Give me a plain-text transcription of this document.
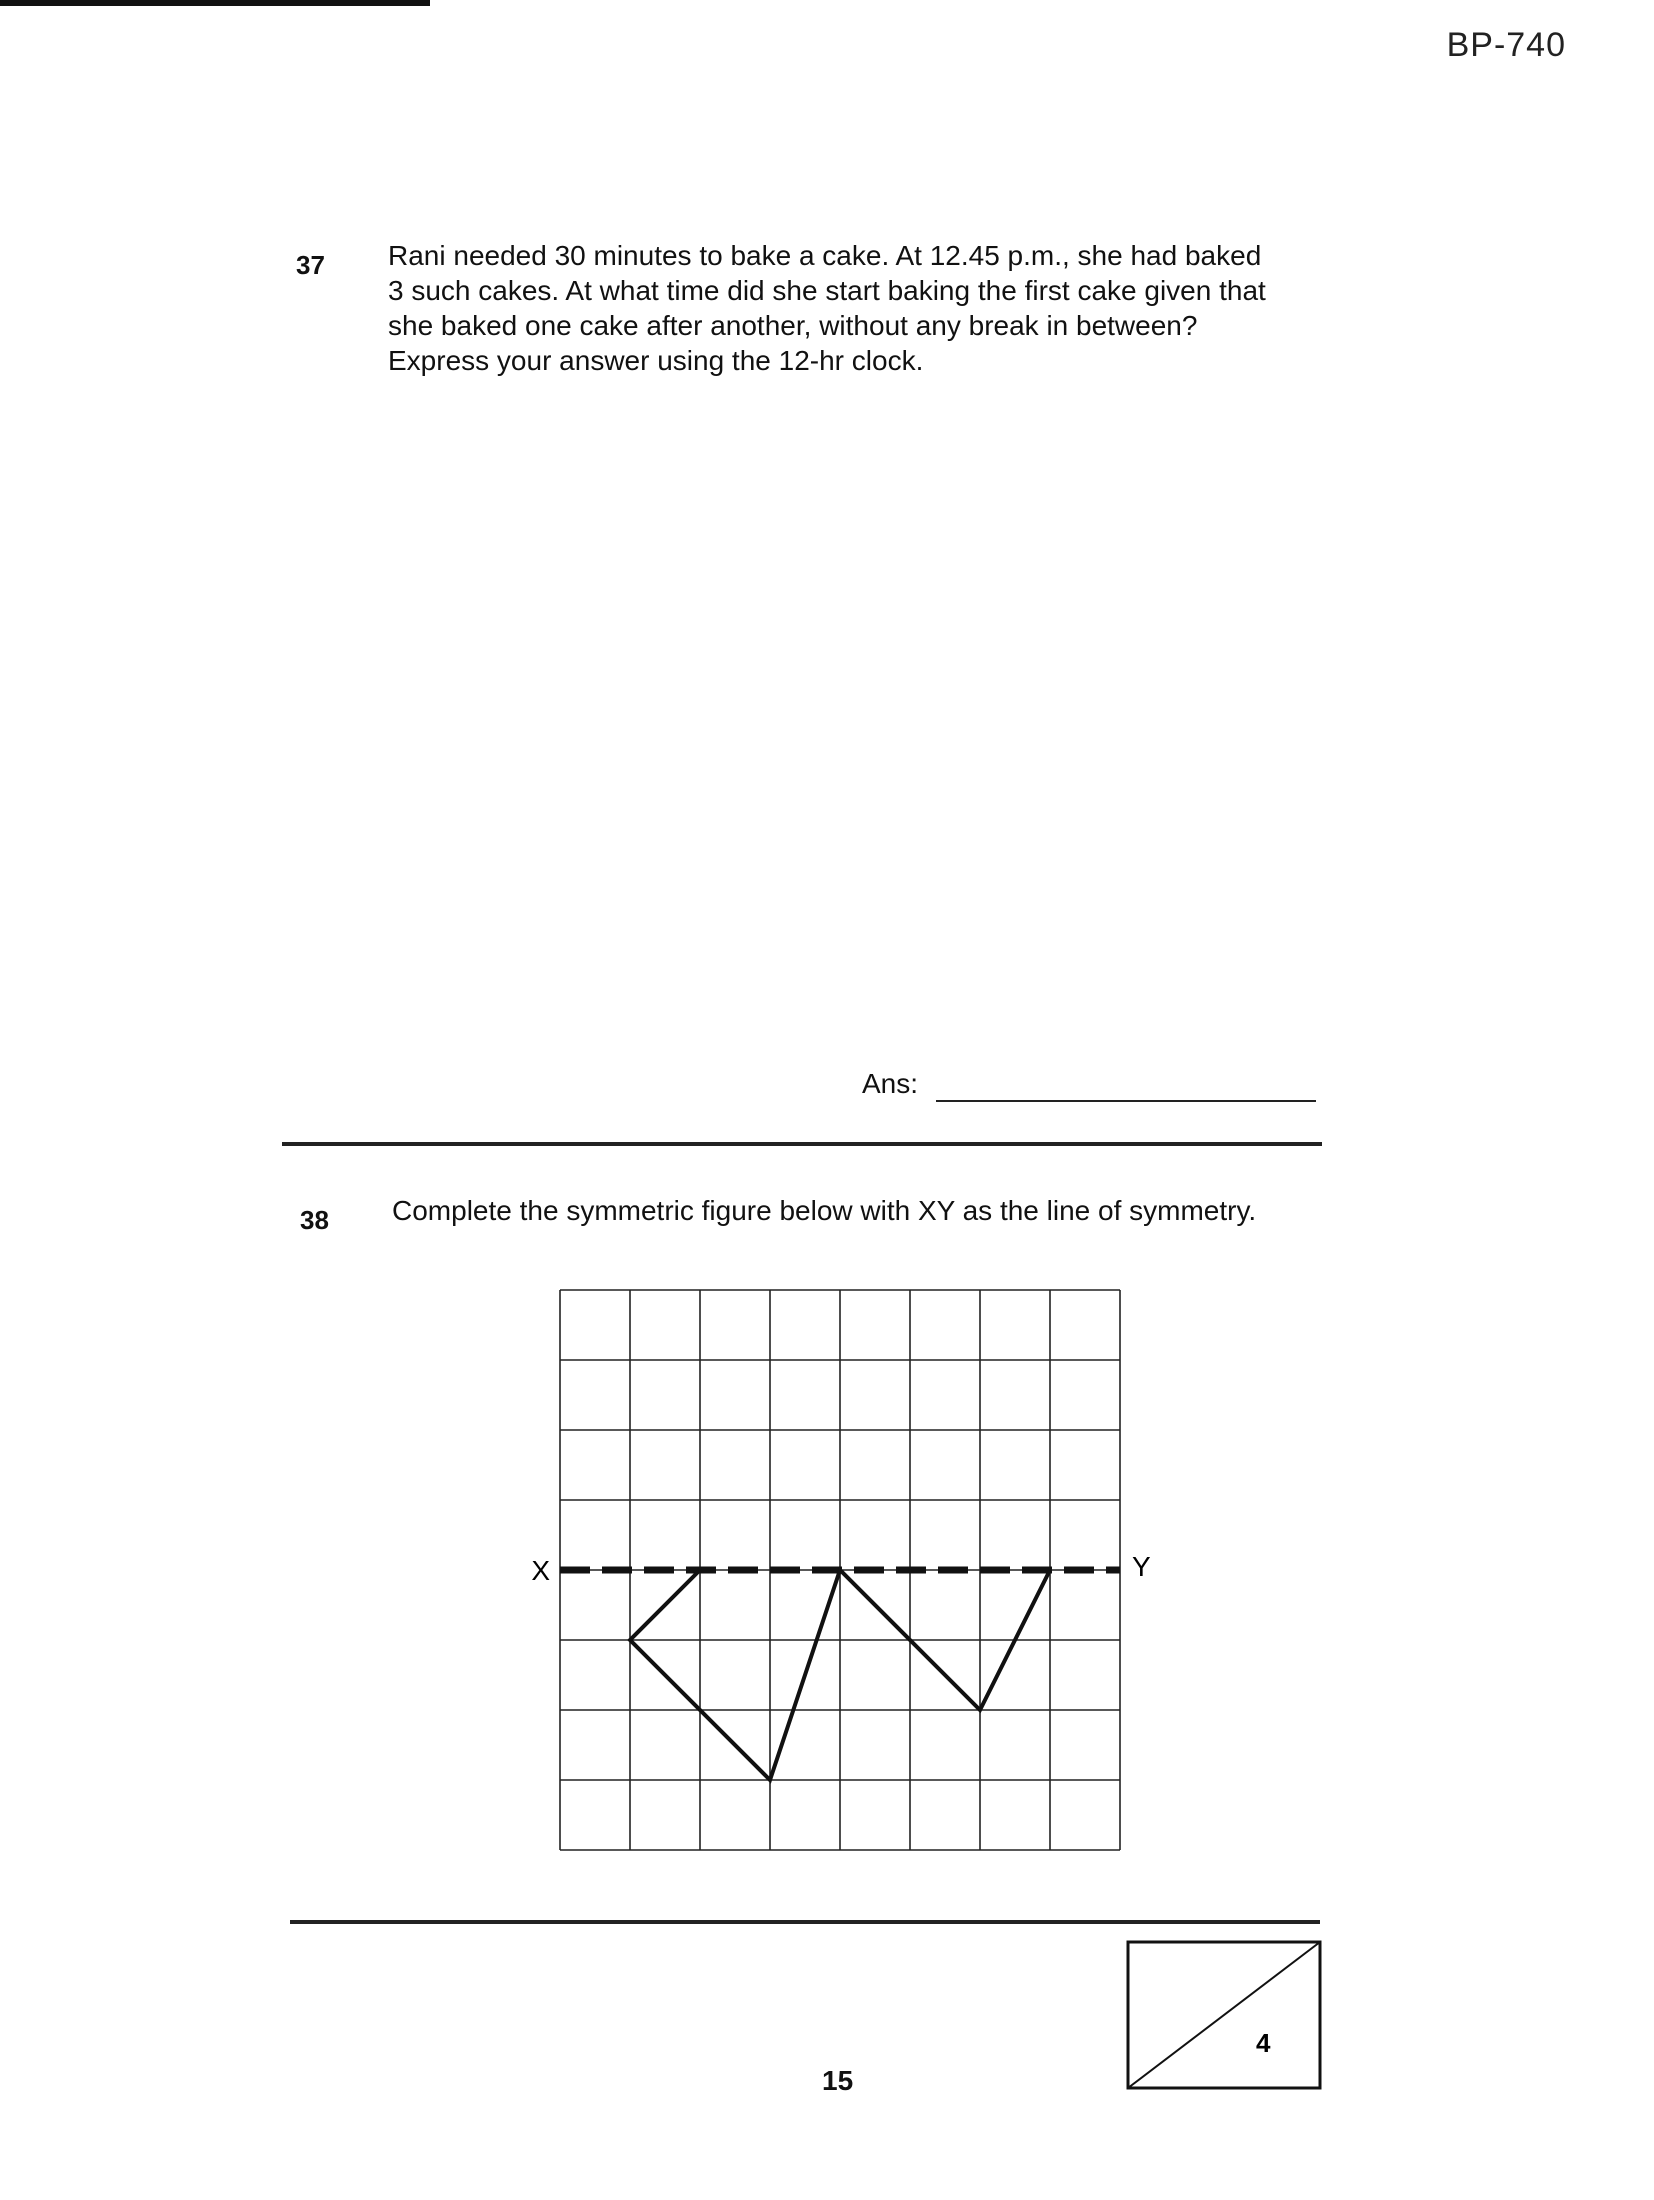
BP-740
37 Rani needed 30 minutes to bake a cake. At 12.45 p.m., she had baked
3 such cakes. At what time did she start baking the first cake given that
she baked one cake after another, without any break in between?
Express your answer using the 12-hr clock.
Ans:
38 Complete the symmetric figure below with XY as the line of symmetry.
X	Y
15
4
